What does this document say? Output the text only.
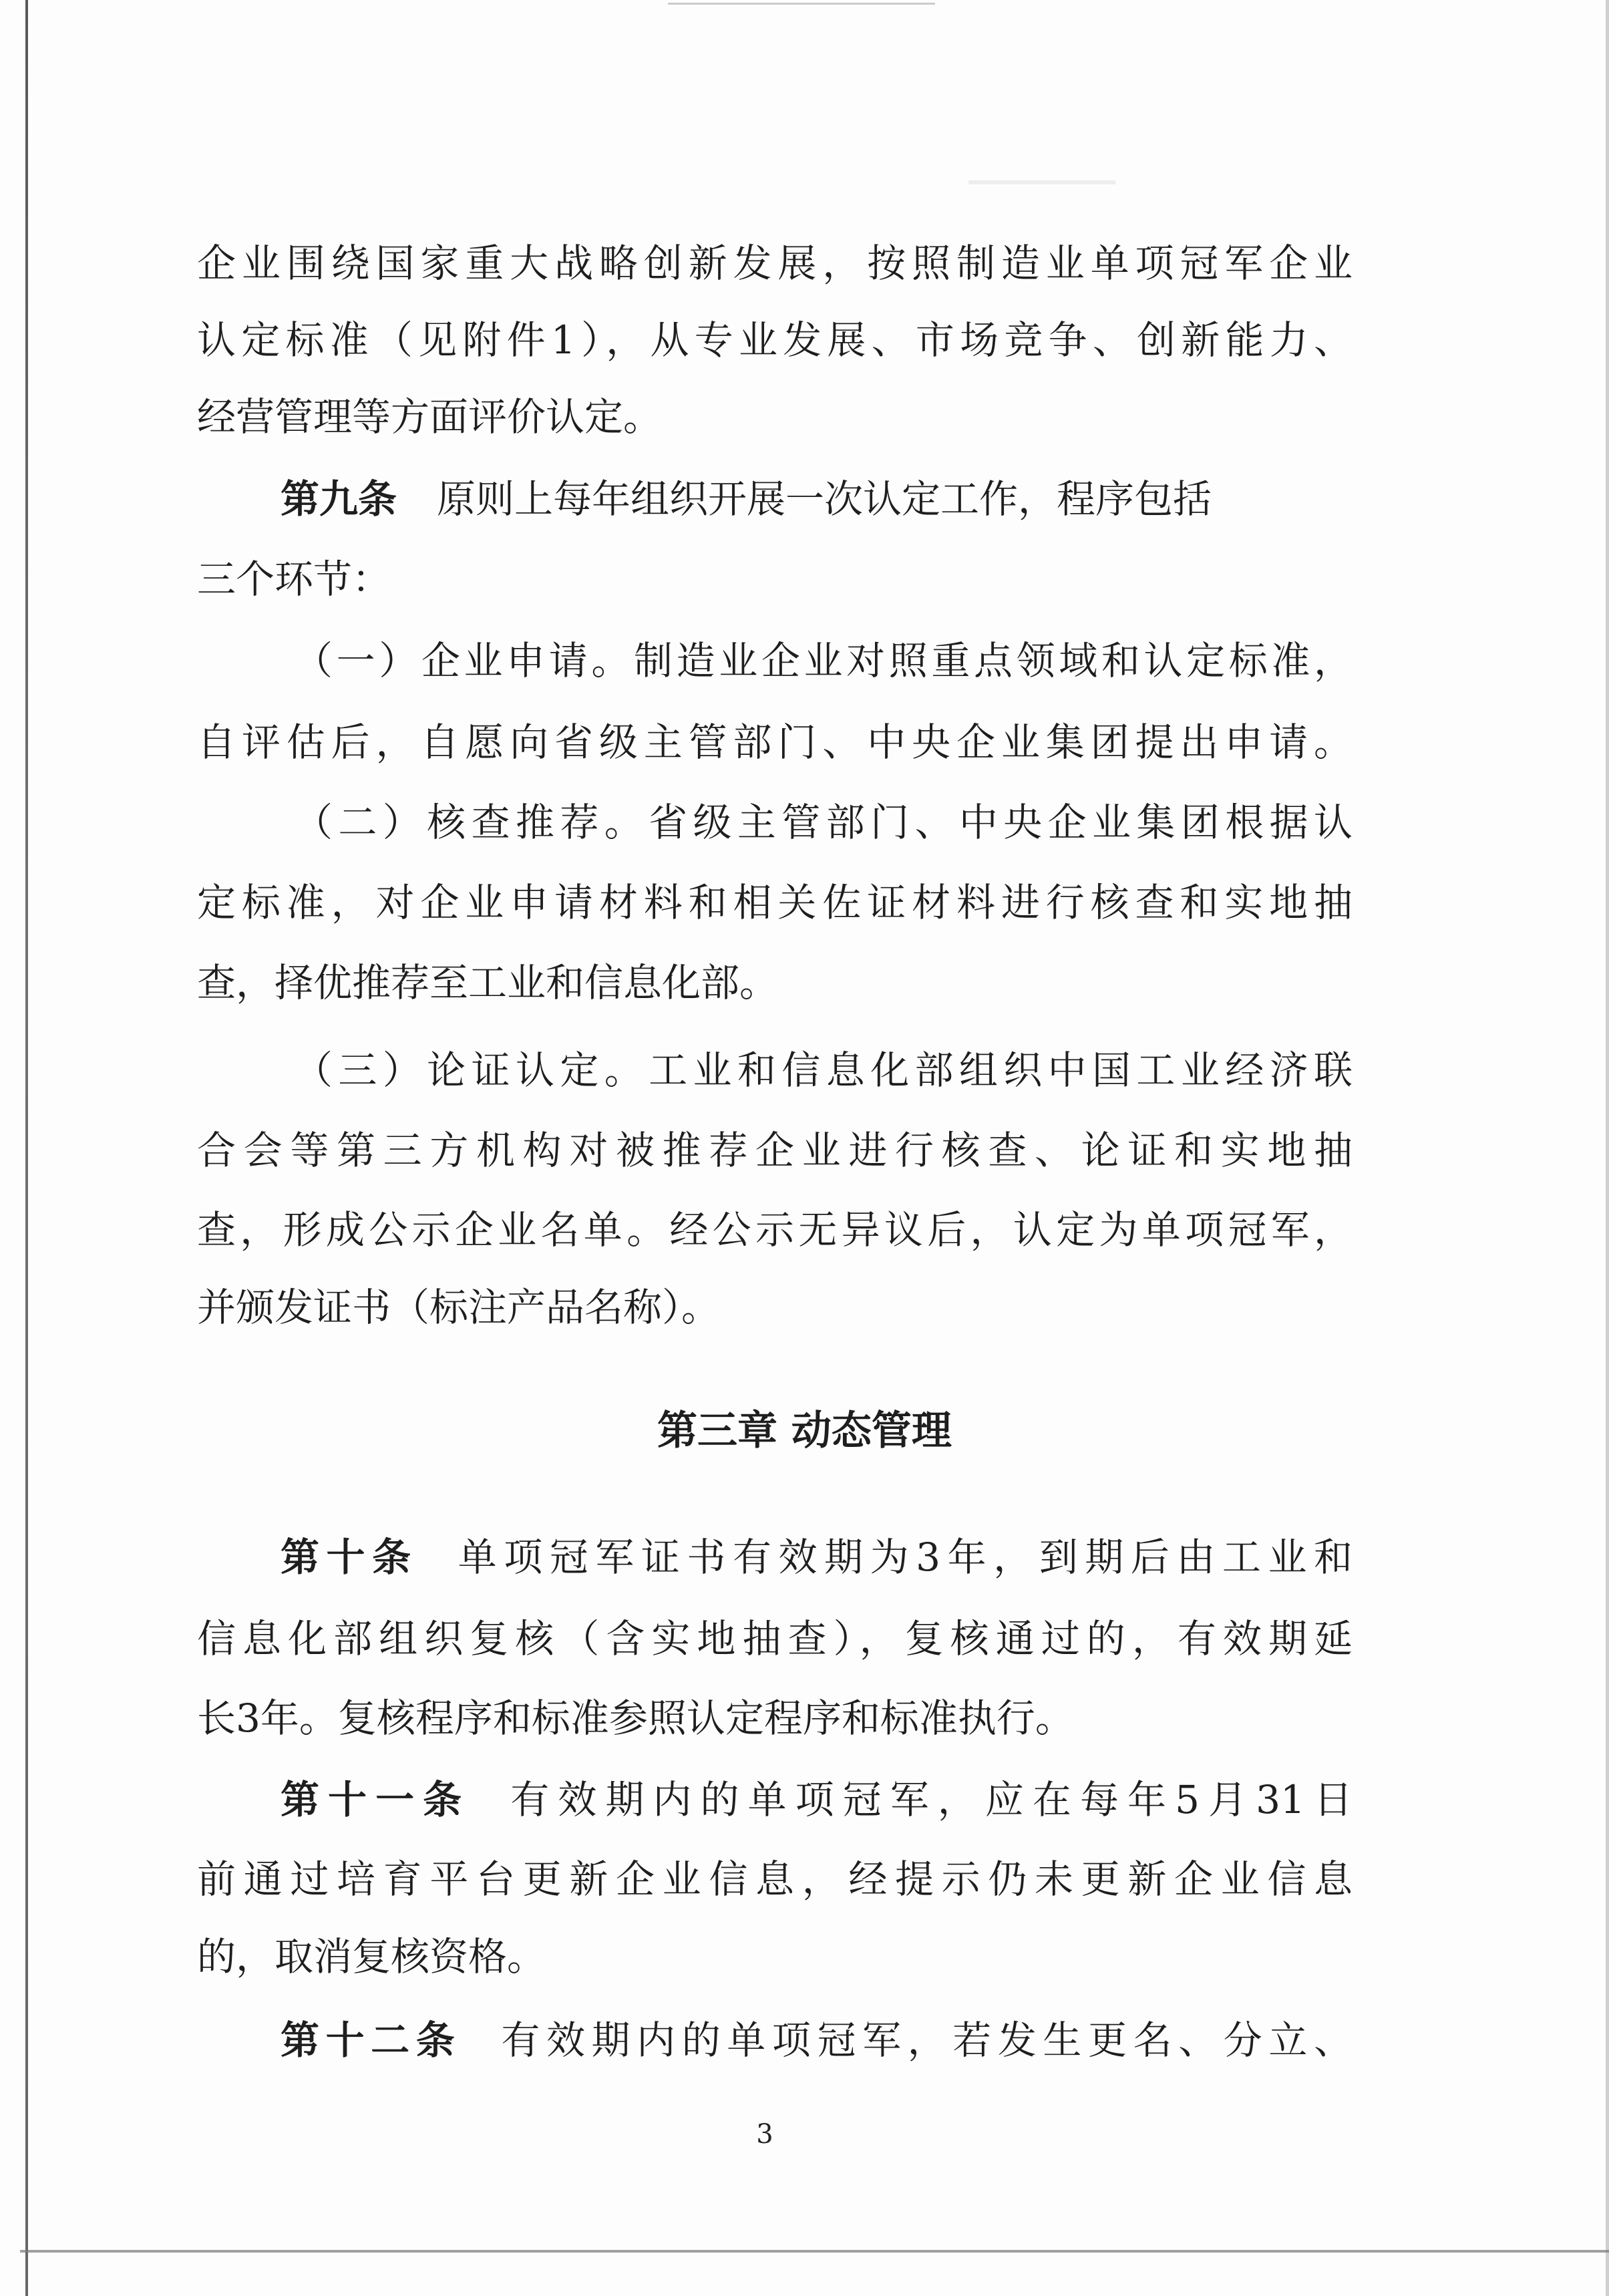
企业围绕国家重大战略创新发展，按照制造业单项冠军企业
认定标准（见附件1），从专业发展、市场竞争、创新能力、
经营管理等方面评价认定。
第九条 原则上每年组织开展一次认定工作，程序包括
三个环节：
（一）企业申请。制造业企业对照重点领域和认定标准，
自评估后，自愿向省级主管部门、中央企业集团提出申请。
（二）核查推荐。省级主管部门、中央企业集团根据认
定标准，对企业申请材料和相关佐证材料进行核查和实地抽
查，择优推荐至工业和信息化部。
（三）论证认定。工业和信息化部组织中国工业经济联
合会等第三方机构对被推荐企业进行核查、论证和实地抽
查，形成公示企业名单。经公示无异议后，认定为单项冠军，
并颁发证书（标注产品名称）。
第三章 动态管理
第十条 单项冠军证书有效期为3年，到期后由工业和
信息化部组织复核（含实地抽查），复核通过的，有效期延
长3年。复核程序和标准参照认定程序和标准执行。
第十一条 有效期内的单项冠军，应在每年5月31日
前通过培育平台更新企业信息，经提示仍未更新企业信息
的，取消复核资格。
第十二条 有效期内的单项冠军，若发生更名、分立、
3
